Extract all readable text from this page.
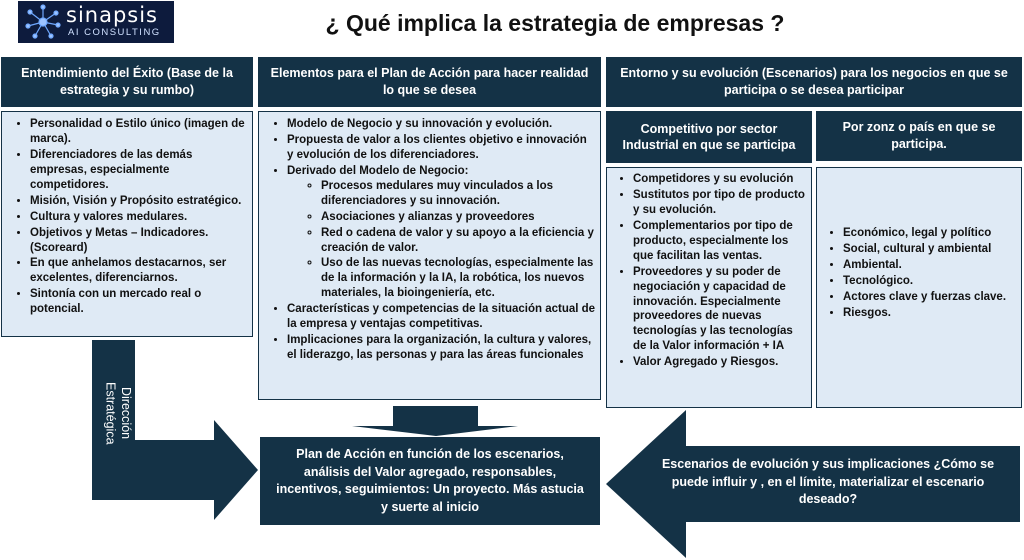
sinapsis
AI CONSULTING	¿ Qué implica la estrategia de empresas ?
Entendimiento del Éxito (Base de la estrategia y su rumbo)
• Personalidad o Estilo único (imagen de marca).
• Diferenciadores de las demás empresas, especialmente competidores.
• Misión, Visión y Propósito estratégico.
• Cultura y valores medulares.
• Objetivos y Metas – Indicadores. (Scoreard)
• En que anhelamos destacarnos, ser excelentes, diferenciarnos.
• Sintonía con un mercado real o potencial.
Elementos para el Plan de Acción para hacer realidad lo que se desea
• Modelo de Negocio y su innovación y evolución.
• Propuesta de valor a los clientes objetivo e innovación y evolución de los diferenciadores.
• Derivado del Modelo de Negocio:
◦ Procesos medulares muy vinculados a los diferenciadores y su innovación.
◦ Asociaciones y alianzas y proveedores
◦ Red o cadena de valor y su apoyo a la eficiencia y creación de valor.
◦ Uso de las nuevas tecnologías, especialmente las de la información y la IA, la robótica, los nuevos materiales, la bioingeniería, etc.
• Características y competencias de la situación actual de la empresa y ventajas competitivas.
• Implicaciones para la organización, la cultura y valores, el liderazgo, las personas y para las áreas funcionales
Entorno y su evolución (Escenarios) para los negocios en que se participa o se desea participar
Competitivo por sector Industrial en que se participa
• Competidores y su evolución
• Sustitutos por tipo de producto y su evolución.
• Complementarios por tipo de producto, especialmente los que facilitan las ventas.
• Proveedores y su poder de negociación y capacidad de innovación. Especialmente proveedores de nuevas tecnologías y las tecnologías de la Valor información + IA
• Valor Agregado y Riesgos.
Por zonz o país en que se participa.
• Económico, legal y político
• Social, cultural y ambiental
• Ambiental.
• Tecnológico.
• Actores clave y fuerzas clave.
• Riesgos.
Dirección Estratégica
Plan de Acción en función de los escenarios, análisis del Valor agregado, responsables, incentivos, seguimientos: Un proyecto. Más astucia y suerte al inicio
Escenarios de evolución y sus implicaciones ¿Cómo se puede influir y , en el límite, materializar el escenario deseado?
